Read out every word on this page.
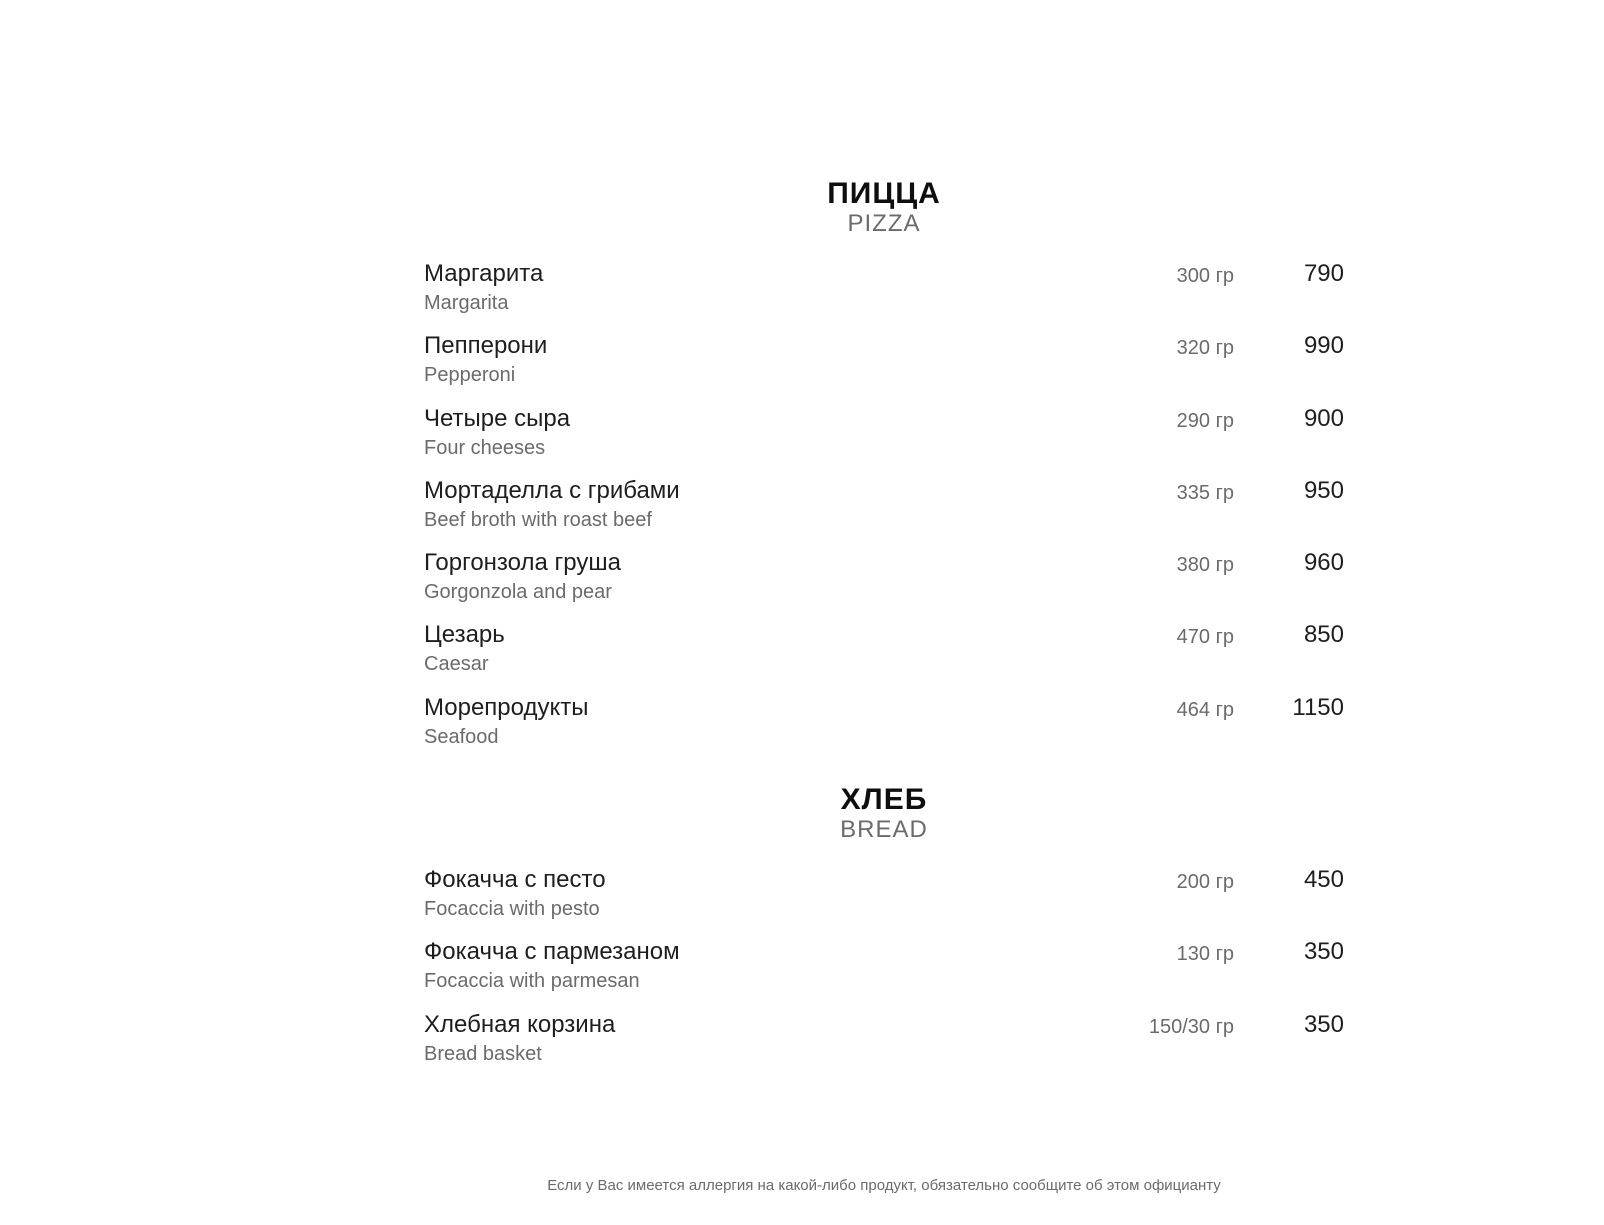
ПИЦЦА
PIZZA
Маргарита
Margarita
300 гр	790
Пепперони
Pepperoni
320 гр	990
Четыре сыра
Four cheeses
290 гр	900
Мортаделла с грибами
Beef broth with roast beef
335 гр	950
Горгонзола груша
Gorgonzola and pear
380 гр	960
Цезарь
Caesar
470 гр	850
Морепродукты
Seafood
464 гр 1150
ХЛЕБ
BREAD
Фокачча с песто
Focaccia with pesto
200 гр	450
Фокачча с пармезаном
Focaccia with parmesan
130 гр	350
Хлебная корзина
Bread basket
150/30 гр	350
Если у Вас имеется аллергия на какой-либо продукт, обязательно сообщите об этом официанту
